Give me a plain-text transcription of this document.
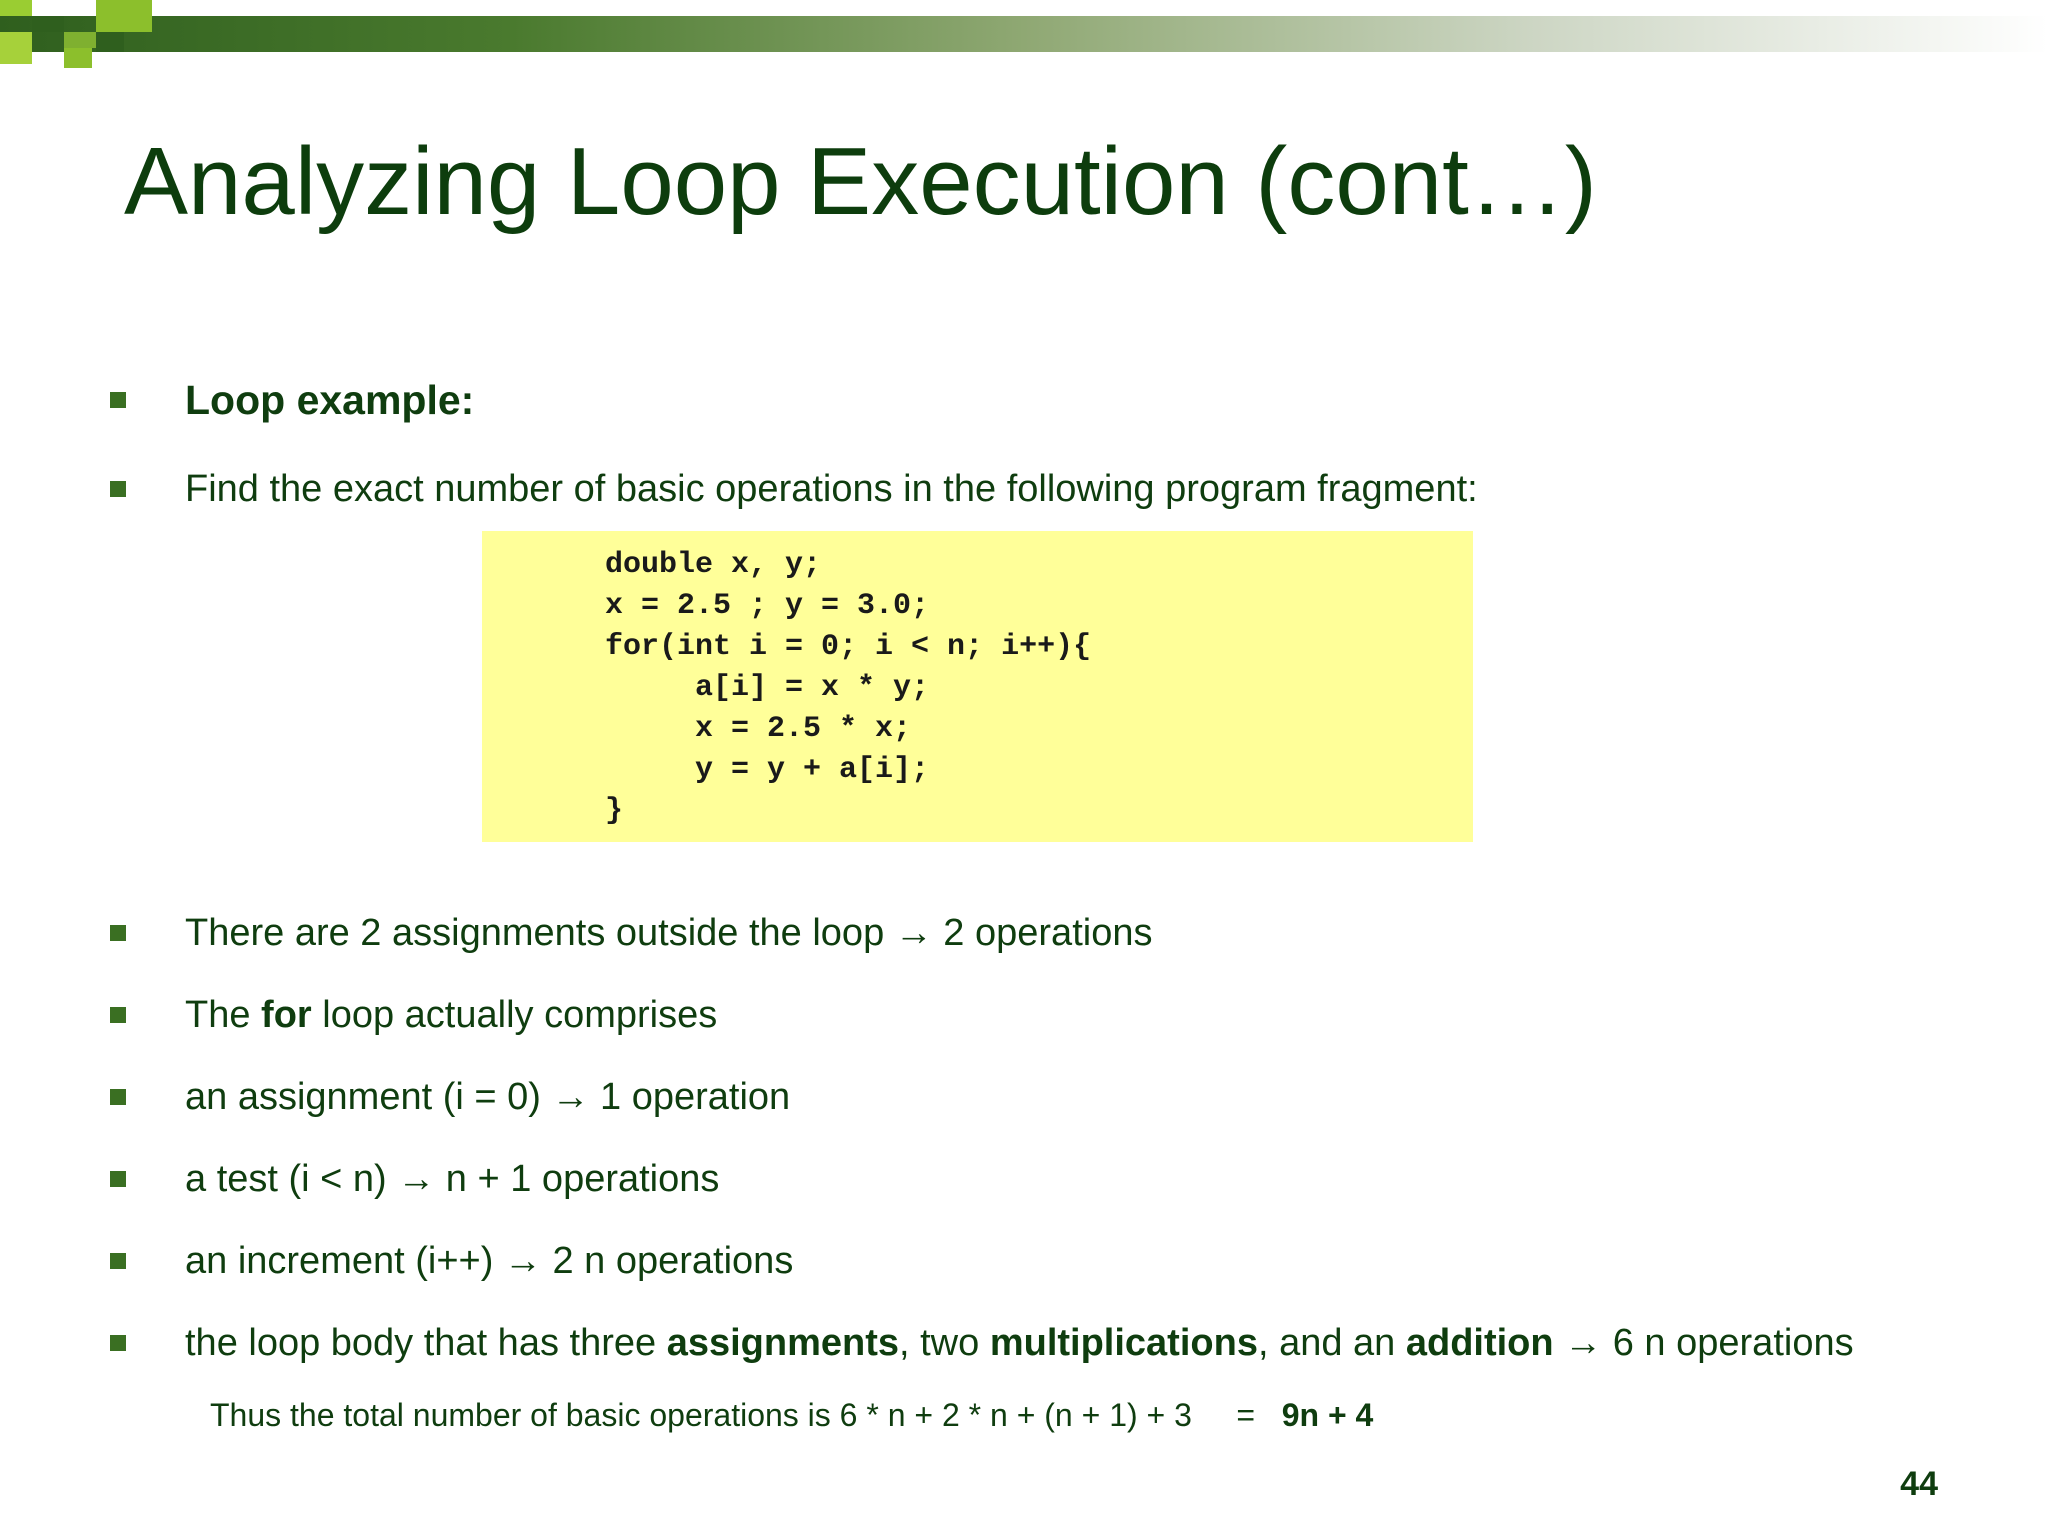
Analyzing Loop Execution (cont…)
Loop example:
Find the exact number of basic operations in the following program fragment:
double x, y;
x = 2.5 ; y = 3.0;
for(int i = 0; i < n; i++){
a[i] = x * y;
x = 2.5 * x;
y = y + a[i];
}
There are 2 assignments outside the loop → 2 operations
The for loop actually comprises
an assignment (i = 0) → 1 operation
a test (i < n) → n + 1 operations
an increment (i++) → 2 n operations
the loop body that has three assignments, two multiplications, and an addition → 6 n operations
Thus the total number of basic operations is 6 * n + 2 * n + (n + 1) + 3     =   9n + 4
44
